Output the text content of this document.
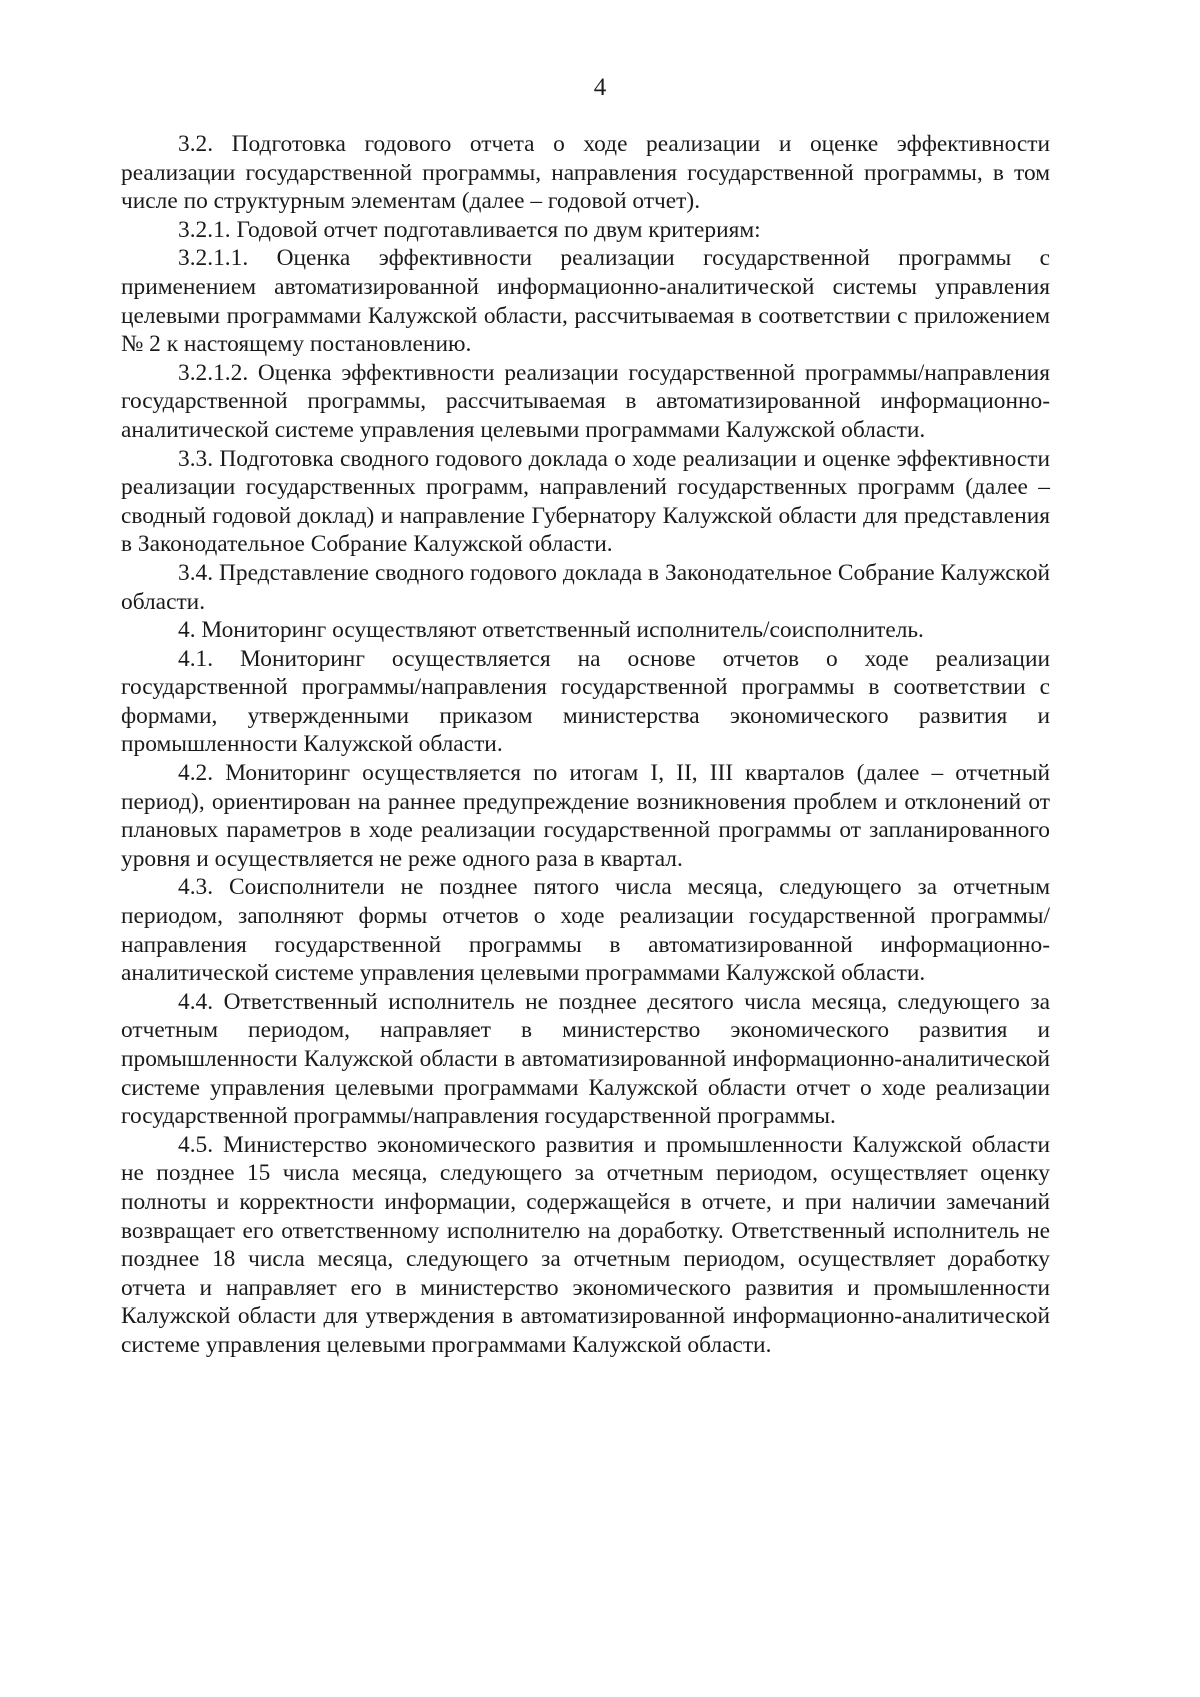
4

3.2. Подготовка годового отчета о ходе реализации и оценке эффективности реализации государственной программы, направления государственной программы, в том числе по структурным элементам (далее – годовой отчет).

3.2.1. Годовой отчет подготавливается по двум критериям:

3.2.1.1. Оценка эффективности реализации государственной программы с применением автоматизированной информационно-аналитической системы управления целевыми программами Калужской области, рассчитываемая в соответствии с приложением № 2 к настоящему постановлению.

3.2.1.2. Оценка эффективности реализации государственной программы/направления государственной программы, рассчитываемая в автоматизированной информационно-аналитической системе управления целевыми программами Калужской области.

3.3. Подготовка сводного годового доклада о ходе реализации и оценке эффективности реализации государственных программ, направлений государственных программ (далее – сводный годовой доклад) и направление Губернатору Калужской области для представления в Законодательное Собрание Калужской области.

3.4. Представление сводного годового доклада в Законодательное Собрание Калужской области.

4. Мониторинг осуществляют ответственный исполнитель/соисполнитель.

4.1. Мониторинг осуществляется на основе отчетов о ходе реализации государственной программы/направления государственной программы в соответствии с формами, утвержденными приказом министерства экономического развития и промышленности Калужской области.

4.2. Мониторинг осуществляется по итогам I, II, III кварталов (далее – отчетный период), ориентирован на раннее предупреждение возникновения проблем и отклонений от плановых параметров в ходе реализации государственной программы от запланированного уровня и осуществляется не реже одного раза в квартал.

4.3. Соисполнители не позднее пятого числа месяца, следующего за отчетным периодом, заполняют формы отчетов о ходе реализации государственной программы/направления государственной программы в автоматизированной информационно-аналитической системе управления целевыми программами Калужской области.

4.4. Ответственный исполнитель не позднее десятого числа месяца, следующего за отчетным периодом, направляет в министерство экономического развития и промышленности Калужской области в автоматизированной информационно-аналитической системе управления целевыми программами Калужской области отчет о ходе реализации государственной программы/направления государственной программы.

4.5. Министерство экономического развития и промышленности Калужской области не позднее 15 числа месяца, следующего за отчетным периодом, осуществляет оценку полноты и корректности информации, содержащейся в отчете, и при наличии замечаний возвращает его ответственному исполнителю на доработку. Ответственный исполнитель не позднее 18 числа месяца, следующего за отчетным периодом, осуществляет доработку отчета и направляет его в министерство экономического развития и промышленности Калужской области для утверждения в автоматизированной информационно-аналитической системе управления целевыми программами Калужской области.
